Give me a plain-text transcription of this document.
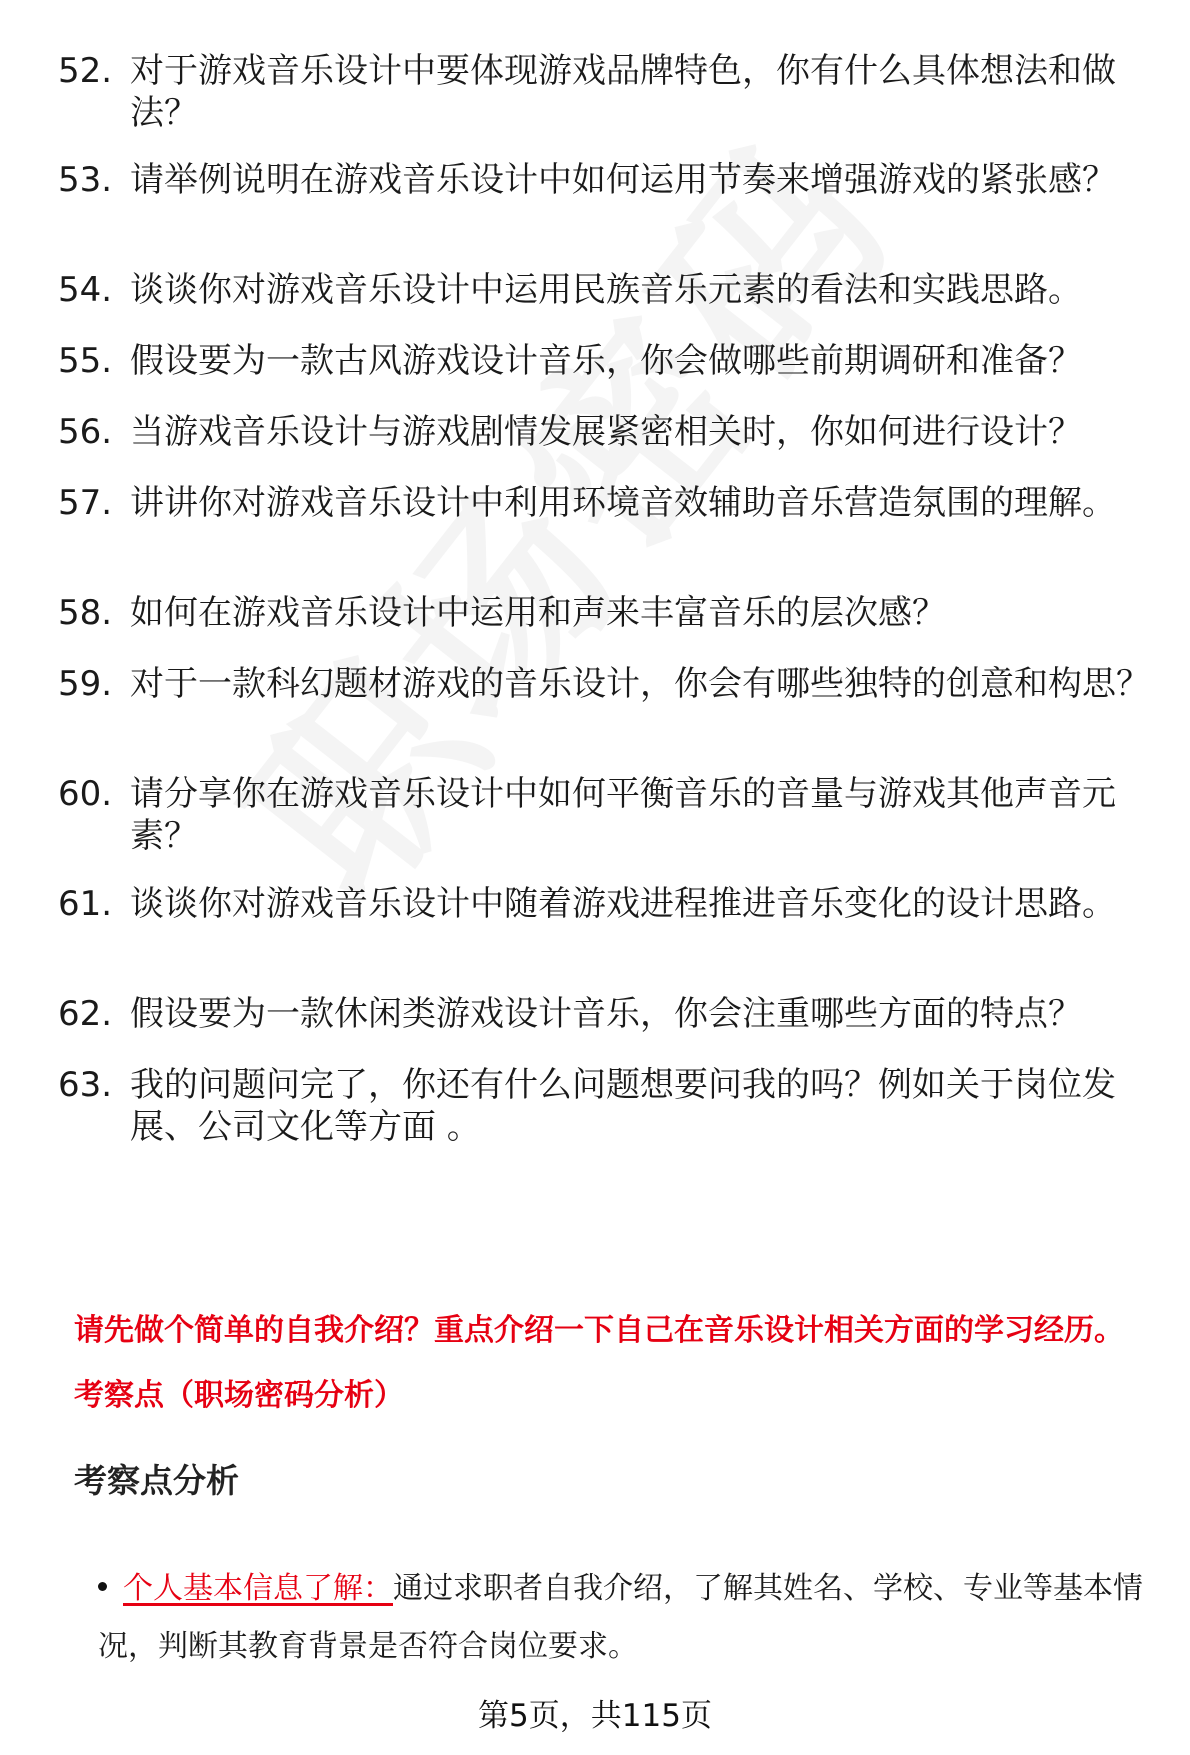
52. 对于游戏音乐设计中要体现游戏品牌特色，你有什么具体想法和做法？
53. 请举例说明在游戏音乐设计中如何运用节奏来增强游戏的紧张感？
54. 谈谈你对游戏音乐设计中运用民族音乐元素的看法和实践思路。
55. 假设要为一款古风游戏设计音乐，你会做哪些前期调研和准备？
56. 当游戏音乐设计与游戏剧情发展紧密相关时，你如何进行设计？
57. 讲讲你对游戏音乐设计中利用环境音效辅助音乐营造氛围的理解。
58. 如何在游戏音乐设计中运用和声来丰富音乐的层次感？
59. 对于一款科幻题材游戏的音乐设计，你会有哪些独特的创意和构思？
60. 请分享你在游戏音乐设计中如何平衡音乐的音量与游戏其他声音元素？
61. 谈谈你对游戏音乐设计中随着游戏进程推进音乐变化的设计思路。
62. 假设要为一款休闲类游戏设计音乐，你会注重哪些方面的特点？
63. 我的问题问完了，你还有什么问题想要问我的吗？例如关于岗位发展、公司文化等方面 。
请先做个简单的自我介绍？重点介绍一下自己在音乐设计相关方面的学习经历。
考察点（职场密码分析）
考察点分析
个人基本信息了解：通过求职者自我介绍，了解其姓名、学校、专业等基本情况，判断其教育背景是否符合岗位要求。
第5页，共115页
